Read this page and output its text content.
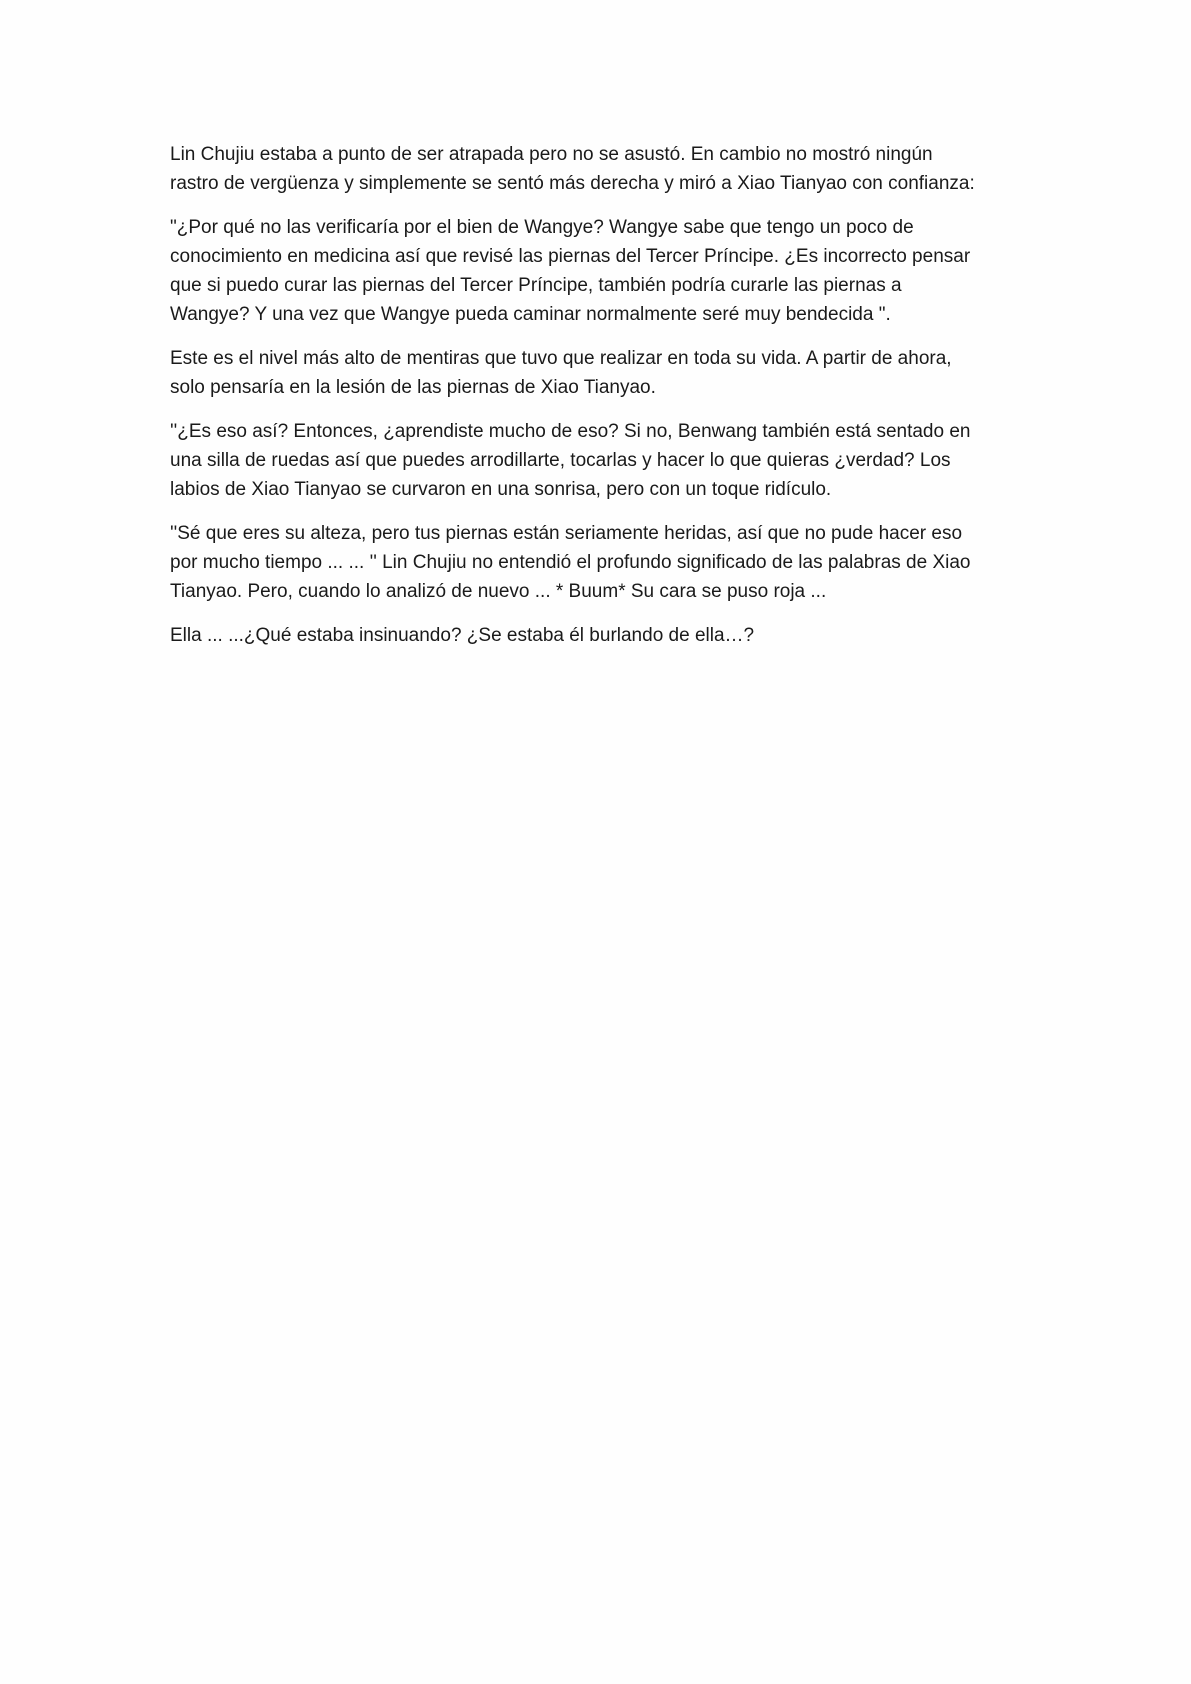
Lin Chujiu estaba a punto de ser atrapada pero no se asustó. En cambio no mostró ningún
rastro de vergüenza y simplemente se sentó más derecha y miró a Xiao Tianyao con confianza:

"¿Por qué no las verificaría por el bien de Wangye? Wangye sabe que tengo un poco de
conocimiento en medicina así que revisé las piernas del Tercer Príncipe. ¿Es incorrecto pensar
que si puedo curar las piernas del Tercer Príncipe, también podría curarle las piernas a
Wangye? Y una vez que Wangye pueda caminar normalmente seré muy bendecida ".

Este es el nivel más alto de mentiras que tuvo que realizar en toda su vida. A partir de ahora,
solo pensaría en la lesión de las piernas de Xiao Tianyao.

''¿Es eso así? Entonces, ¿aprendiste mucho de eso? Si no, Benwang también está sentado en
una silla de ruedas así que puedes arrodillarte, tocarlas y hacer lo que quieras ¿verdad? Los
labios de Xiao Tianyao se curvaron en una sonrisa, pero con un toque ridículo.

''Sé que eres su alteza, pero tus piernas están seriamente heridas, así que no pude hacer eso
por mucho tiempo ... ... '' Lin Chujiu no entendió el profundo significado de las palabras de Xiao
Tianyao. Pero, cuando lo analizó de nuevo ... * Buum* Su cara se puso roja ...

Ella ... ...¿Qué estaba insinuando? ¿Se estaba él burlando de ella…?
